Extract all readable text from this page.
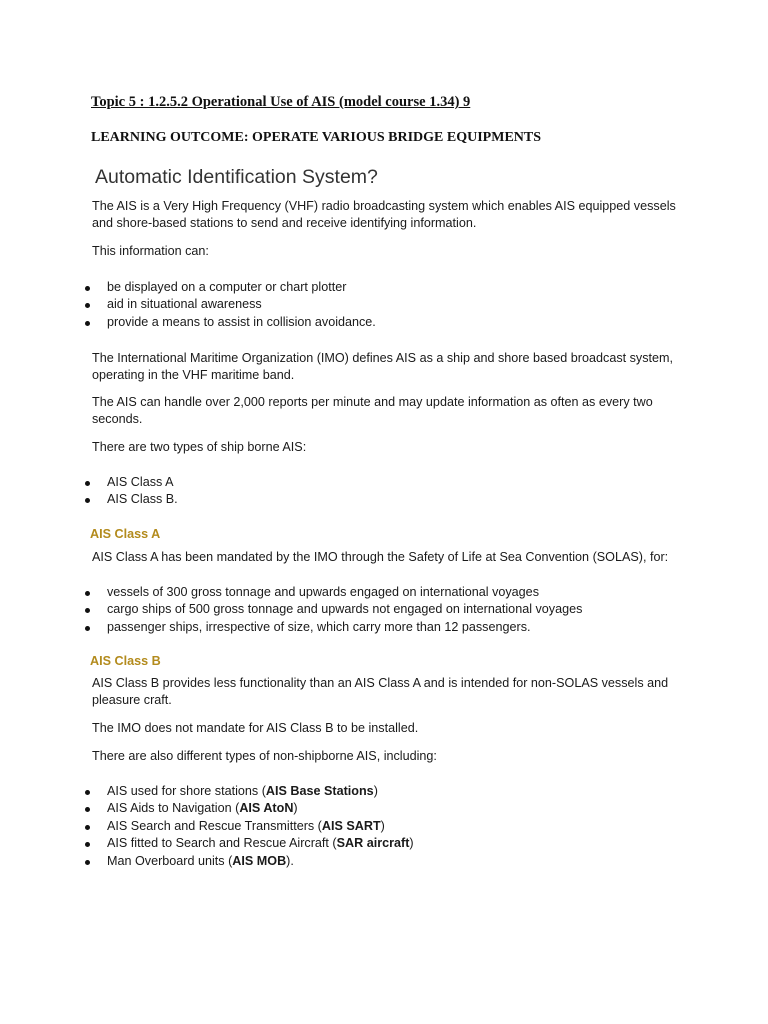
Topic 5 : 1.2.5.2 Operational Use of AIS (model course 1.34) 9
LEARNING OUTCOME: OPERATE VARIOUS BRIDGE EQUIPMENTS
Automatic Identification System?

The AIS is a Very High Frequency (VHF) radio broadcasting system which enables AIS equipped vessels and shore-based stations to send and receive identifying information.

This information can:

be displayed on a computer or chart plotter
aid in situational awareness
provide a means to assist in collision avoidance.

The International Maritime Organization (IMO) defines AIS as a ship and shore based broadcast system, operating in the VHF maritime band.

The AIS can handle over 2,000 reports per minute and may update information as often as every two seconds.

There are two types of ship borne AIS:

AIS Class A
AIS Class B.
AIS Class A

AIS Class A has been mandated by the IMO through the Safety of Life at Sea Convention (SOLAS), for:

vessels of 300 gross tonnage and upwards engaged on international voyages
cargo ships of 500 gross tonnage and upwards not engaged on international voyages
passenger ships, irrespective of size, which carry more than 12 passengers.
AIS Class B

AIS Class B provides less functionality than an AIS Class A and is intended for non-SOLAS vessels and pleasure craft.

The IMO does not mandate for AIS Class B to be installed.

There are also different types of non-shipborne AIS, including:

AIS used for shore stations (AIS Base Stations)
AIS Aids to Navigation (AIS AtoN)
AIS Search and Rescue Transmitters (AIS SART)
AIS fitted to Search and Rescue Aircraft (SAR aircraft)
Man Overboard units (AIS MOB).
